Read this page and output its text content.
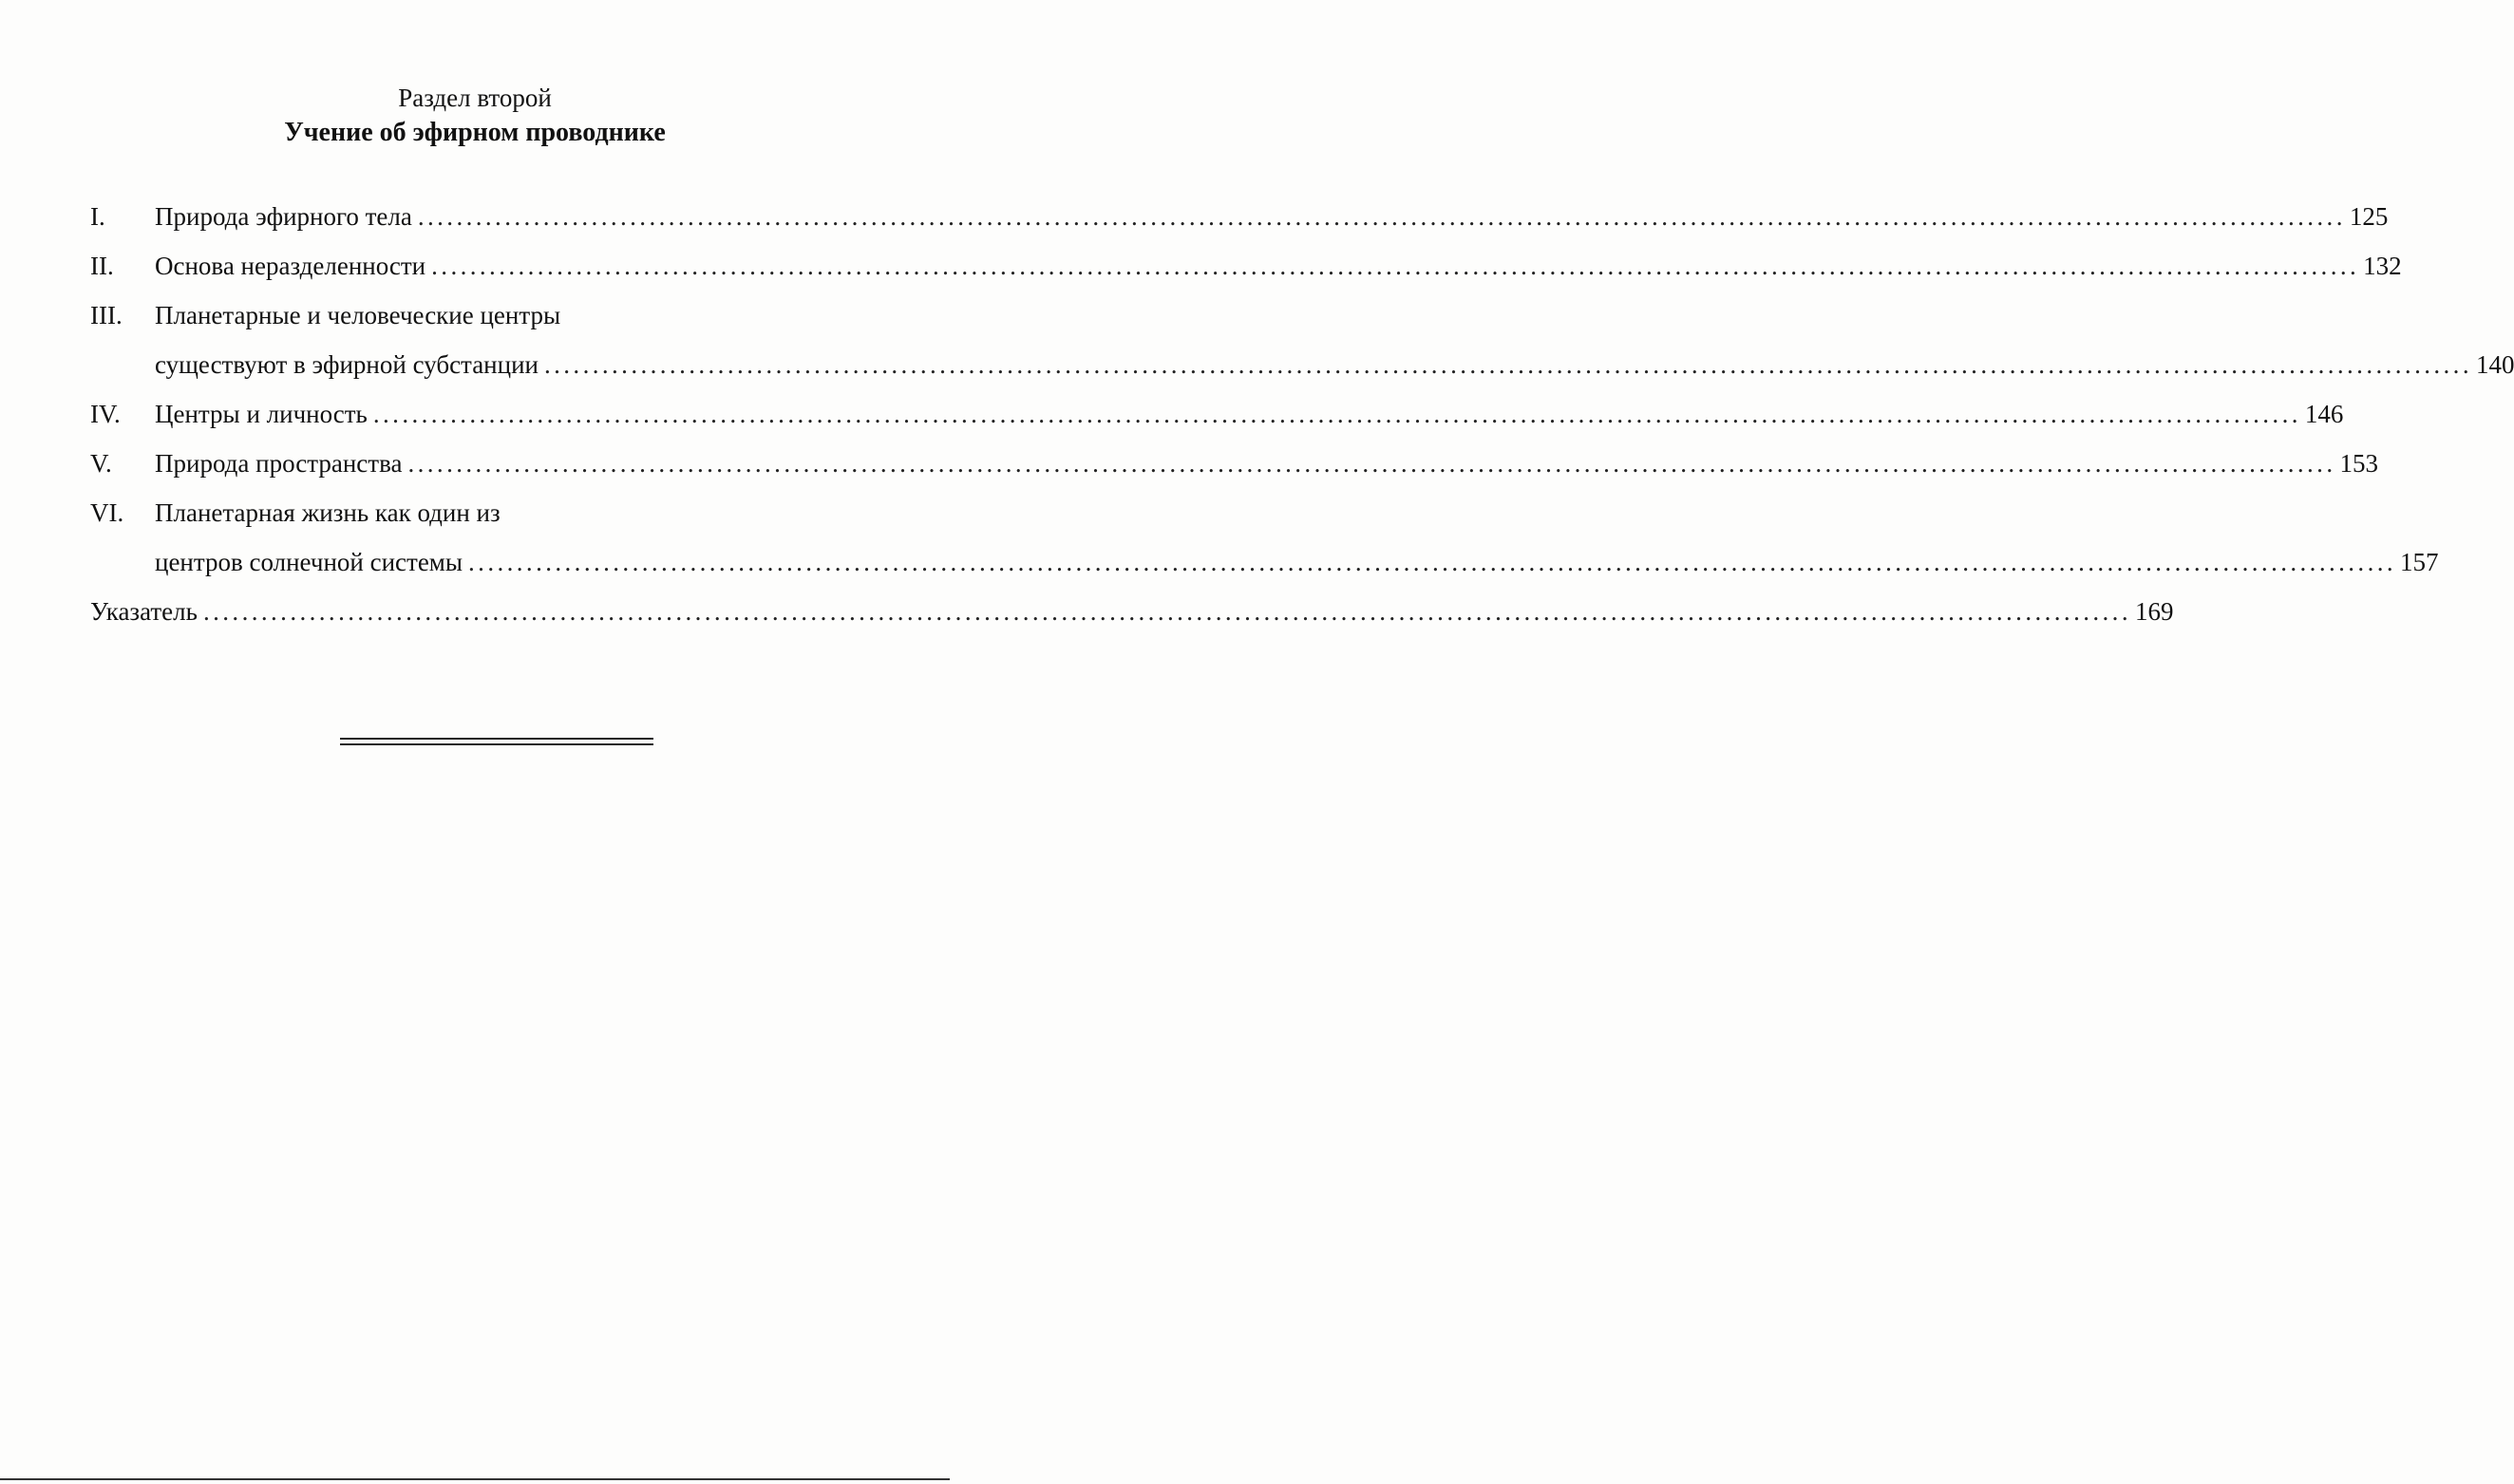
Раздел второй
Учение об эфирном проводнике
I.	Природа эфирного тела ........................................................................................................................................................................................................ 125
II.	Основа неразделенности ........................................................................................................................................................................................................ 132
III.	Планетарные и человеческие центры
существуют в эфирной субстанции ........................................................................................................................................................................................................ 140
IV.	Центры и личность ........................................................................................................................................................................................................ 146
V.	Природа пространства ........................................................................................................................................................................................................ 153
VI.	Планетарная жизнь как один из
центров солнечной системы ........................................................................................................................................................................................................ 157
Указатель ........................................................................................................................................................................................................ 169
